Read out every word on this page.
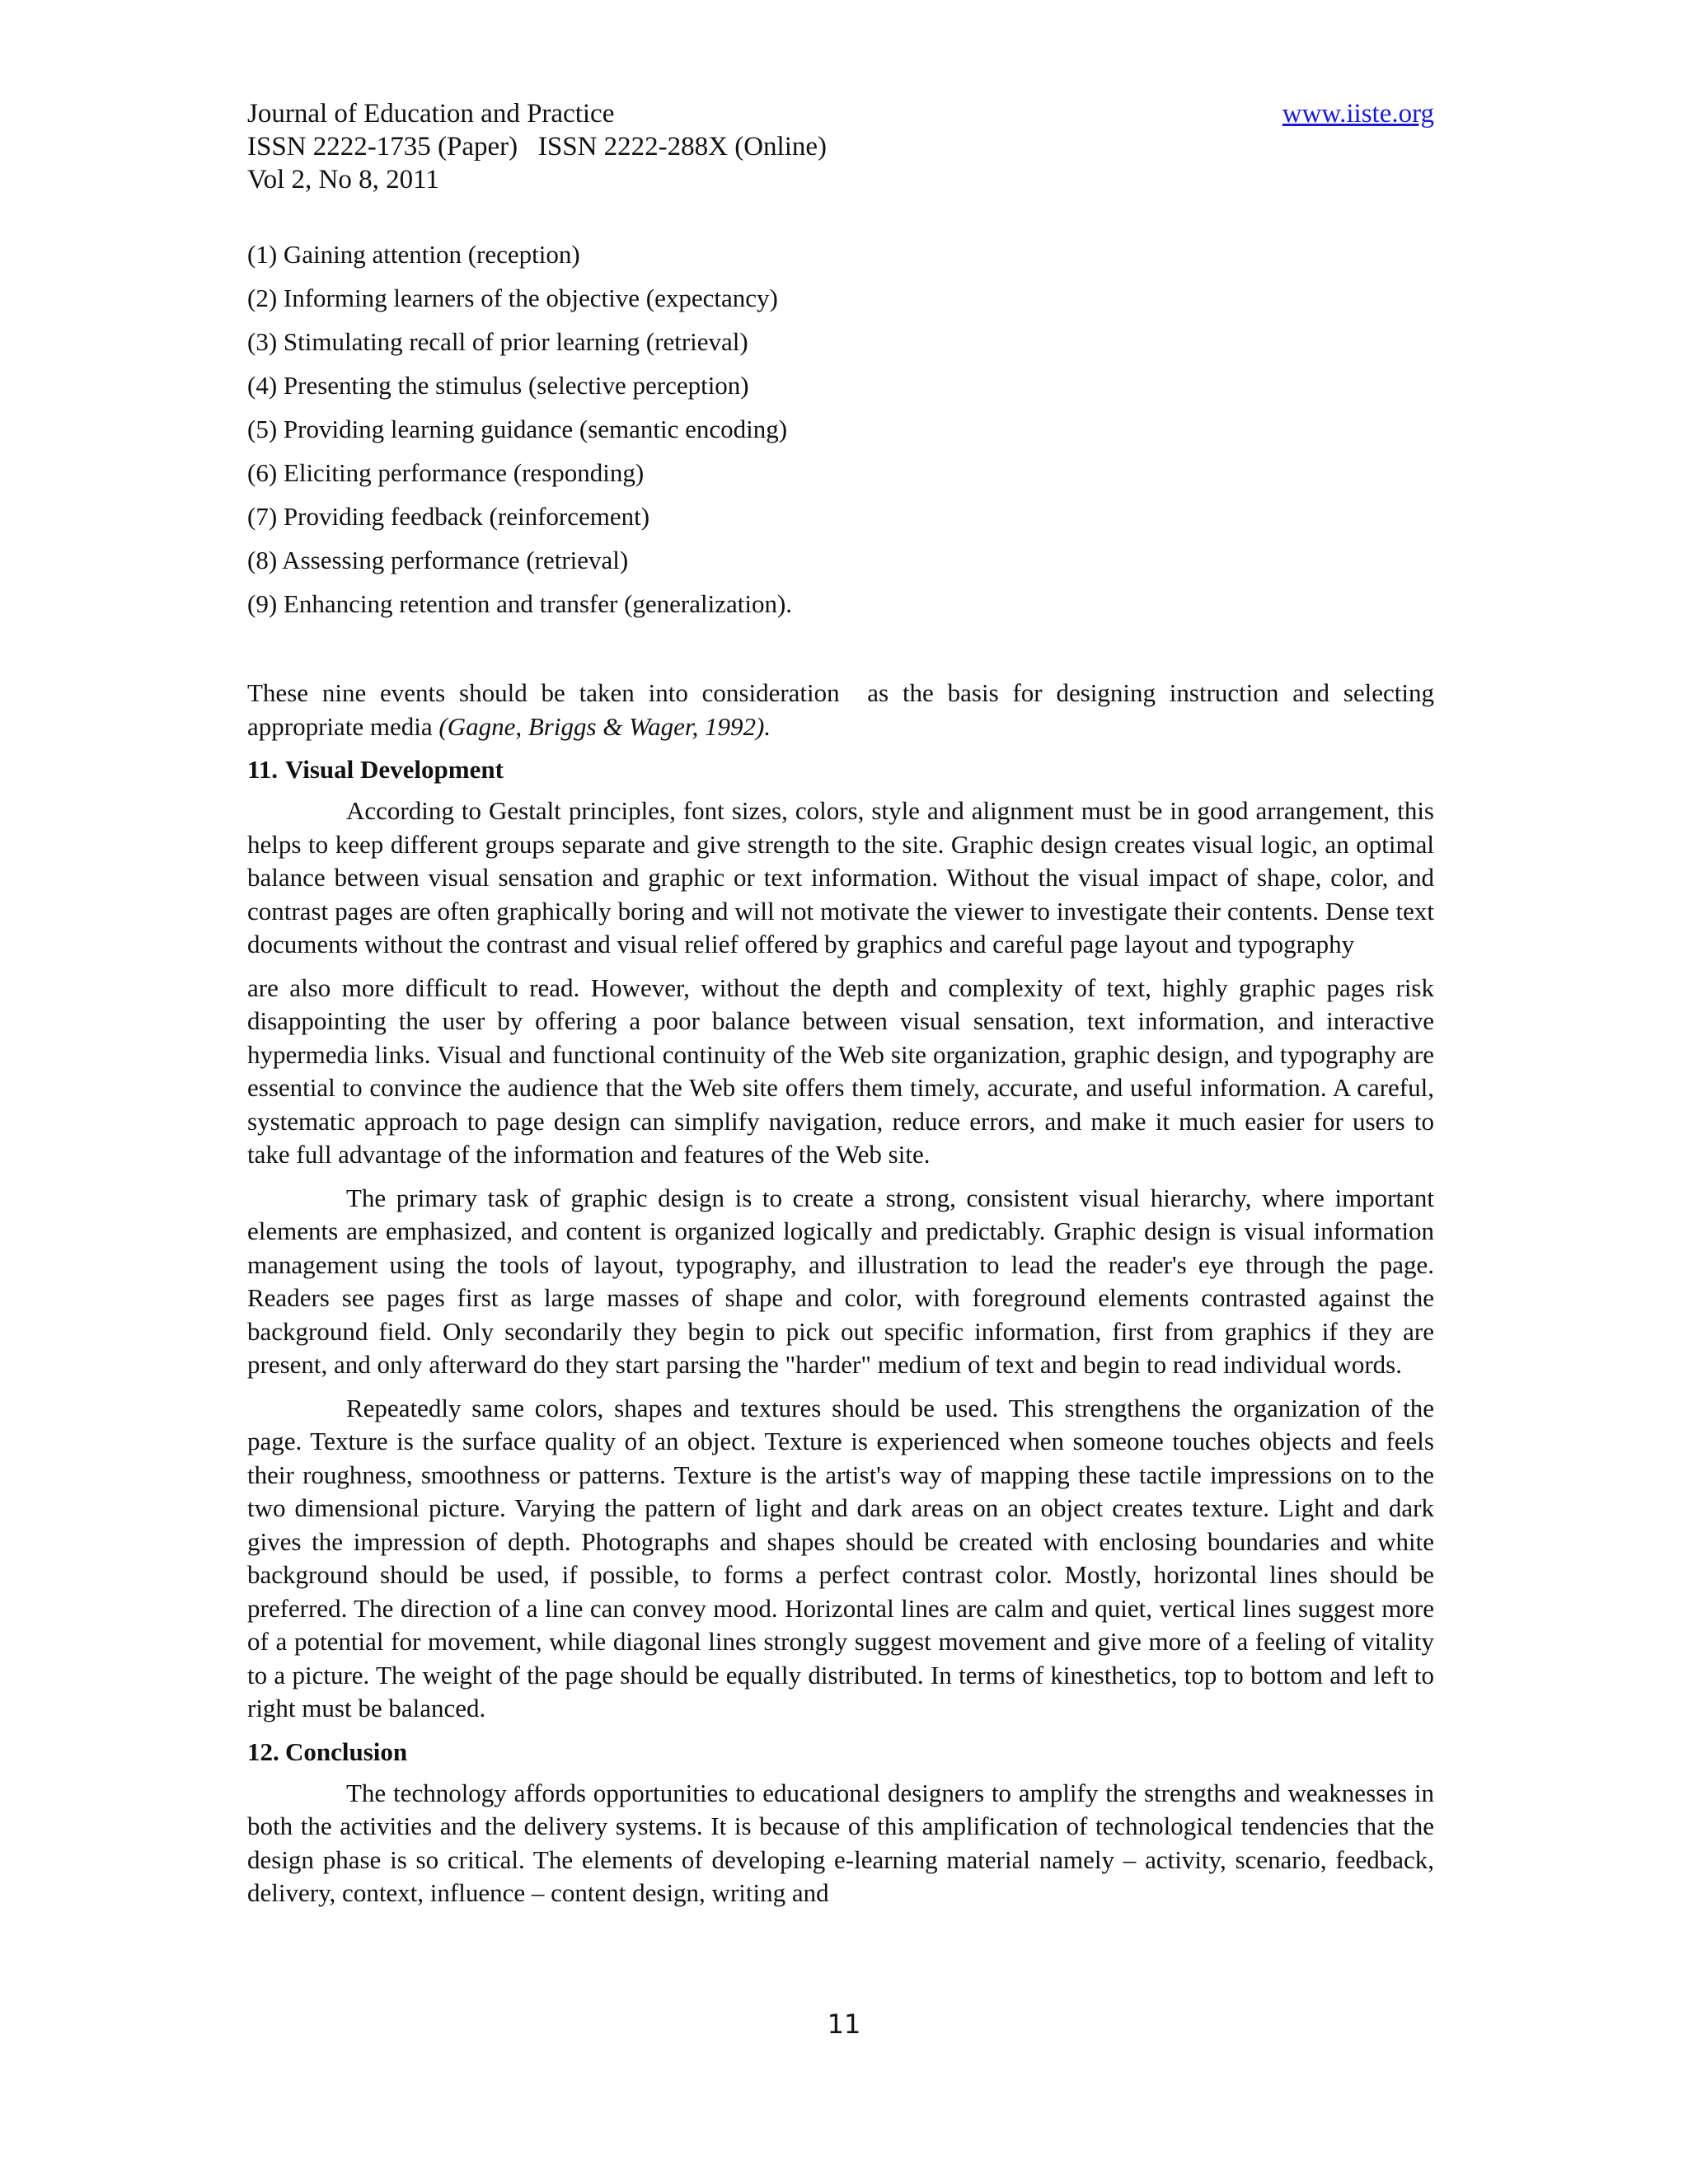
Journal of Education and Practice
ISSN 2222-1735 (Paper)   ISSN 2222-288X (Online)
Vol 2, No 8, 2011
www.iiste.org
(1) Gaining attention (reception)
(2) Informing learners of the objective (expectancy)
(3) Stimulating recall of prior learning (retrieval)
(4) Presenting the stimulus (selective perception)
(5) Providing learning guidance (semantic encoding)
(6) Eliciting performance (responding)
(7) Providing feedback (reinforcement)
(8) Assessing performance (retrieval)
(9) Enhancing retention and transfer (generalization).

These nine events should be taken into consideration  as the basis for designing instruction and selecting appropriate media (Gagne, Briggs & Wager, 1992).

11. Visual Development

According to Gestalt principles, font sizes, colors, style and alignment must be in good arrangement, this helps to keep different groups separate and give strength to the site. Graphic design creates visual logic, an optimal balance between visual sensation and graphic or text information. Without the visual impact of shape, color, and contrast pages are often graphically boring and will not motivate the viewer to investigate their contents. Dense text documents without the contrast and visual relief offered by graphics and careful page layout and typography

are also more difficult to read. However, without the depth and complexity of text, highly graphic pages risk disappointing the user by offering a poor balance between visual sensation, text information, and interactive hypermedia links. Visual and functional continuity of the Web site organization, graphic design, and typography are essential to convince the audience that the Web site offers them timely, accurate, and useful information. A careful, systematic approach to page design can simplify navigation, reduce errors, and make it much easier for users to take full advantage of the information and features of the Web site.

The primary task of graphic design is to create a strong, consistent visual hierarchy, where important elements are emphasized, and content is organized logically and predictably. Graphic design is visual information management using the tools of layout, typography, and illustration to lead the reader's eye through the page. Readers see pages first as large masses of shape and color, with foreground elements contrasted against the background field. Only secondarily they begin to pick out specific information, first from graphics if they are present, and only afterward do they start parsing the "harder" medium of text and begin to read individual words.

Repeatedly same colors, shapes and textures should be used. This strengthens the organization of the page. Texture is the surface quality of an object. Texture is experienced when someone touches objects and feels their roughness, smoothness or patterns. Texture is the artist's way of mapping these tactile impressions on to the two dimensional picture. Varying the pattern of light and dark areas on an object creates texture. Light and dark gives the impression of depth. Photographs and shapes should be created with enclosing boundaries and white background should be used, if possible, to forms a perfect contrast color. Mostly, horizontal lines should be preferred. The direction of a line can convey mood. Horizontal lines are calm and quiet, vertical lines suggest more of a potential for movement, while diagonal lines strongly suggest movement and give more of a feeling of vitality to a picture. The weight of the page should be equally distributed. In terms of kinesthetics, top to bottom and left to right must be balanced.

12. Conclusion

The technology affords opportunities to educational designers to amplify the strengths and weaknesses in both the activities and the delivery systems. It is because of this amplification of technological tendencies that the design phase is so critical. The elements of developing e-learning material namely – activity, scenario, feedback, delivery, context, influence – content design, writing and

11
